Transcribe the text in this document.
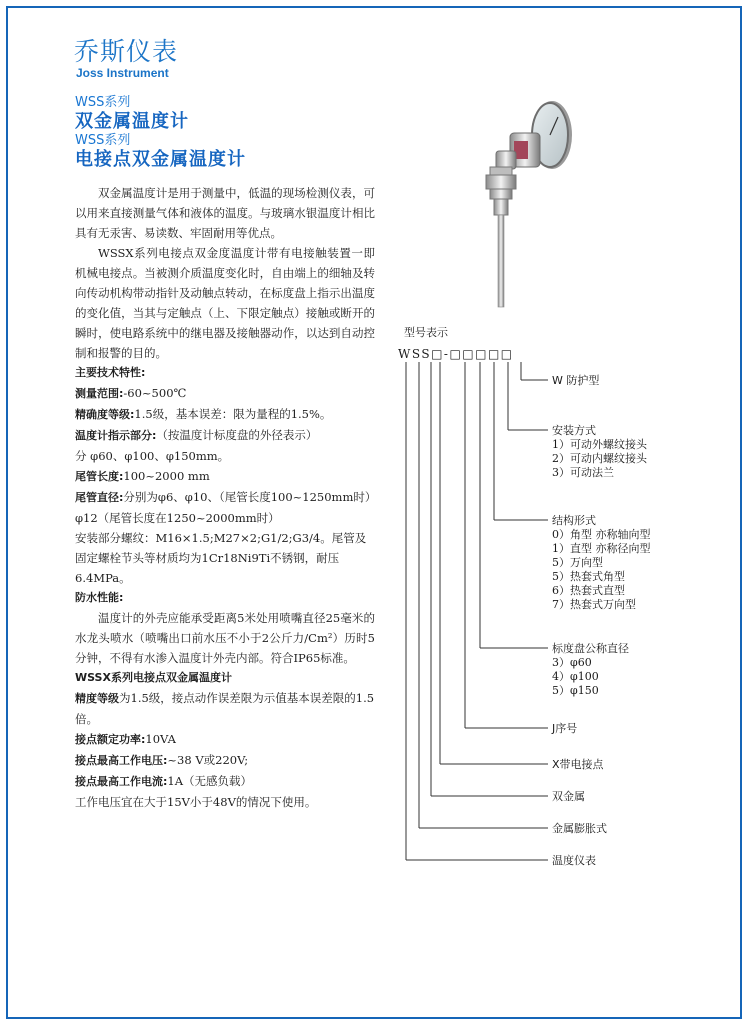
乔斯仪表
Joss Instrument
WSS系列
双金属温度计
WSS系列
电接点双金属温度计

双金属温度计是用于测量中，低温的现场检测仪表，可以用来直接测量气体和液体的温度。与玻璃水银温度计相比具有无汞害、易读数、牢固耐用等优点。

WSSX系列电接点双金度温度计带有电接触装置一即机械电接点。当被测介质温度变化时，自由端上的细轴及转向传动机构带动指针及动触点转动，在标度盘上指示出温度的变化值，当其与定触点（上、下限定触点）接触或断开的瞬时，使电路系统中的继电器及接触器动作，以达到自动控制和报警的目的。

主要技术特性:

测量范围:-60~500℃

精确度等级:1.5级，基本误差：限为量程的1.5%。

温度计指示部分:（按温度计标度盘的外径表示）

分 φ60、φ100、φ150mm。

尾管长度:100~2000 mm

尾管直径:分别为φ6、φ10、（尾管长度100~1250mm时）φ12（尾管长度在1250~2000mm时）

安装部分螺纹：M16×1.5;M27×2;G1/2;G3/4。尾管及固定螺栓节头等材质均为1Cr18Ni9Ti不锈钢，耐压6.4MPa。

防水性能:

温度计的外壳应能承受距离5米处用喷嘴直径25毫米的水龙头喷水（喷嘴出口前水压不小于2公斤力/Cm²）历时5分钟，不得有水渗入温度计外壳内部。符合IP65标准。

WSSX系列电接点双金属温度计

精度等级为1.5级，接点动作误差限为示值基本误差限的1.5倍。

接点额定功率:10VA

接点最高工作电压:~38 V或220V;

接点最高工作电流:1A（无感负载）

工作电压宜在大于15V小于48V的情况下使用。

型号表示
WSS□-□□□□□
W 防护型
安装方式
1）可动外螺纹接头
2）可动内螺纹接头
3）可动法兰
结构形式
0）角型 亦称轴向型
1）直型 亦称径向型
5）万向型
5）热套式角型
6）热套式直型
7）热套式万向型
标度盘公称直径
3）φ60
4）φ100
5）φ150
J序号
X带电接点
双金属
金属膨胀式
温度仪表
